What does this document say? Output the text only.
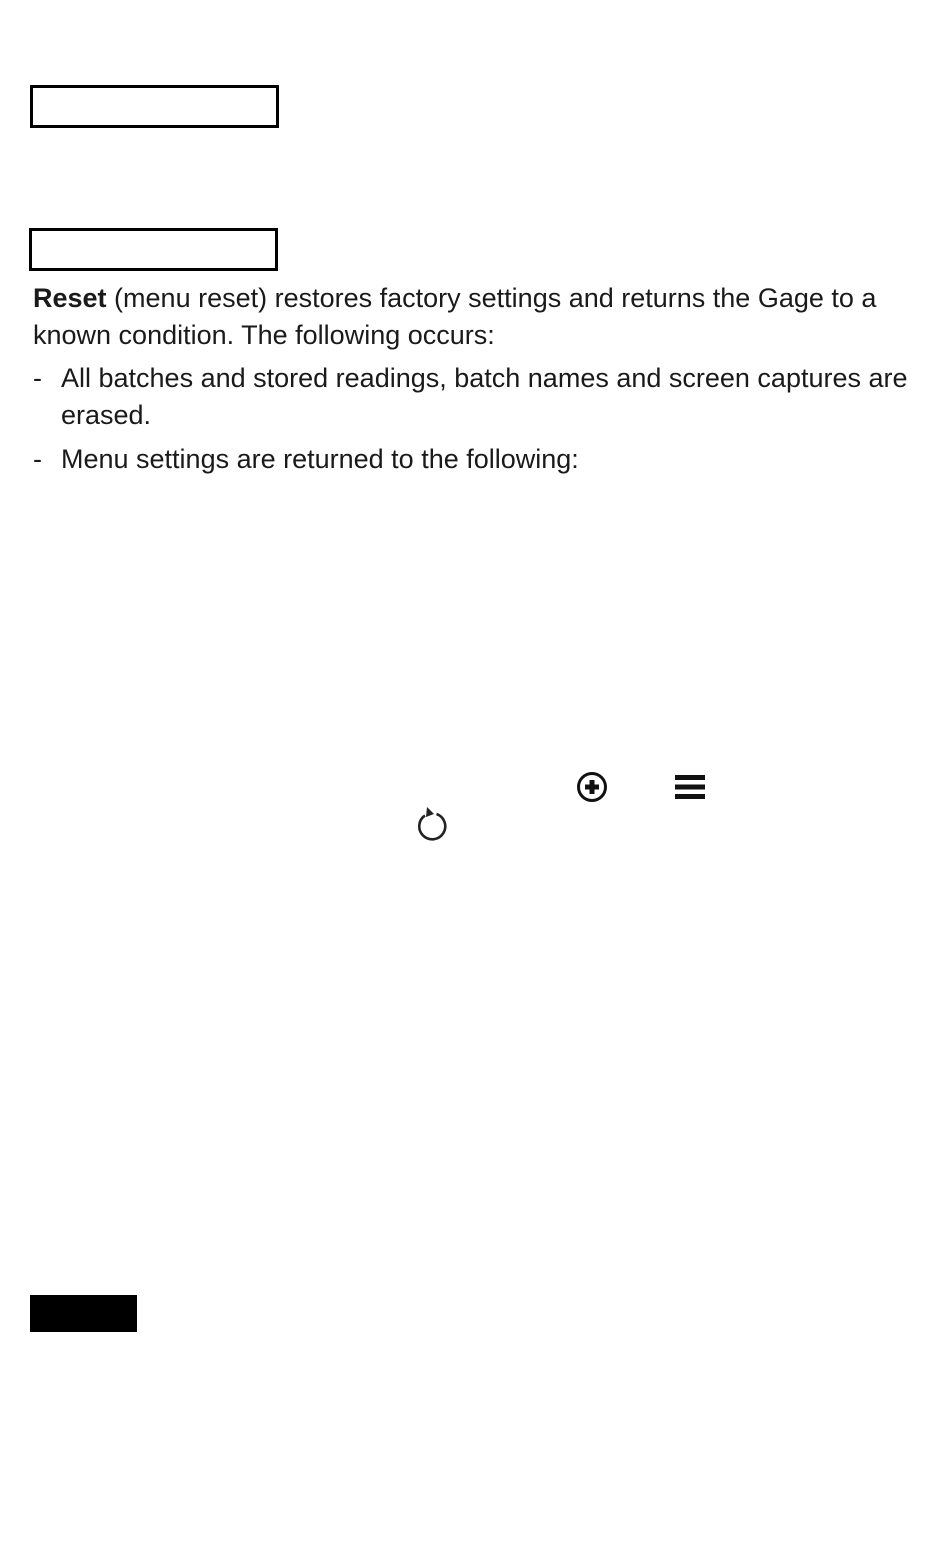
Reset (menu reset) restores factory settings and returns the Gage to a known condition. The following occurs:

- All batches and stored readings, batch names and screen captures are erased.

- Menu settings are returned to the following:
